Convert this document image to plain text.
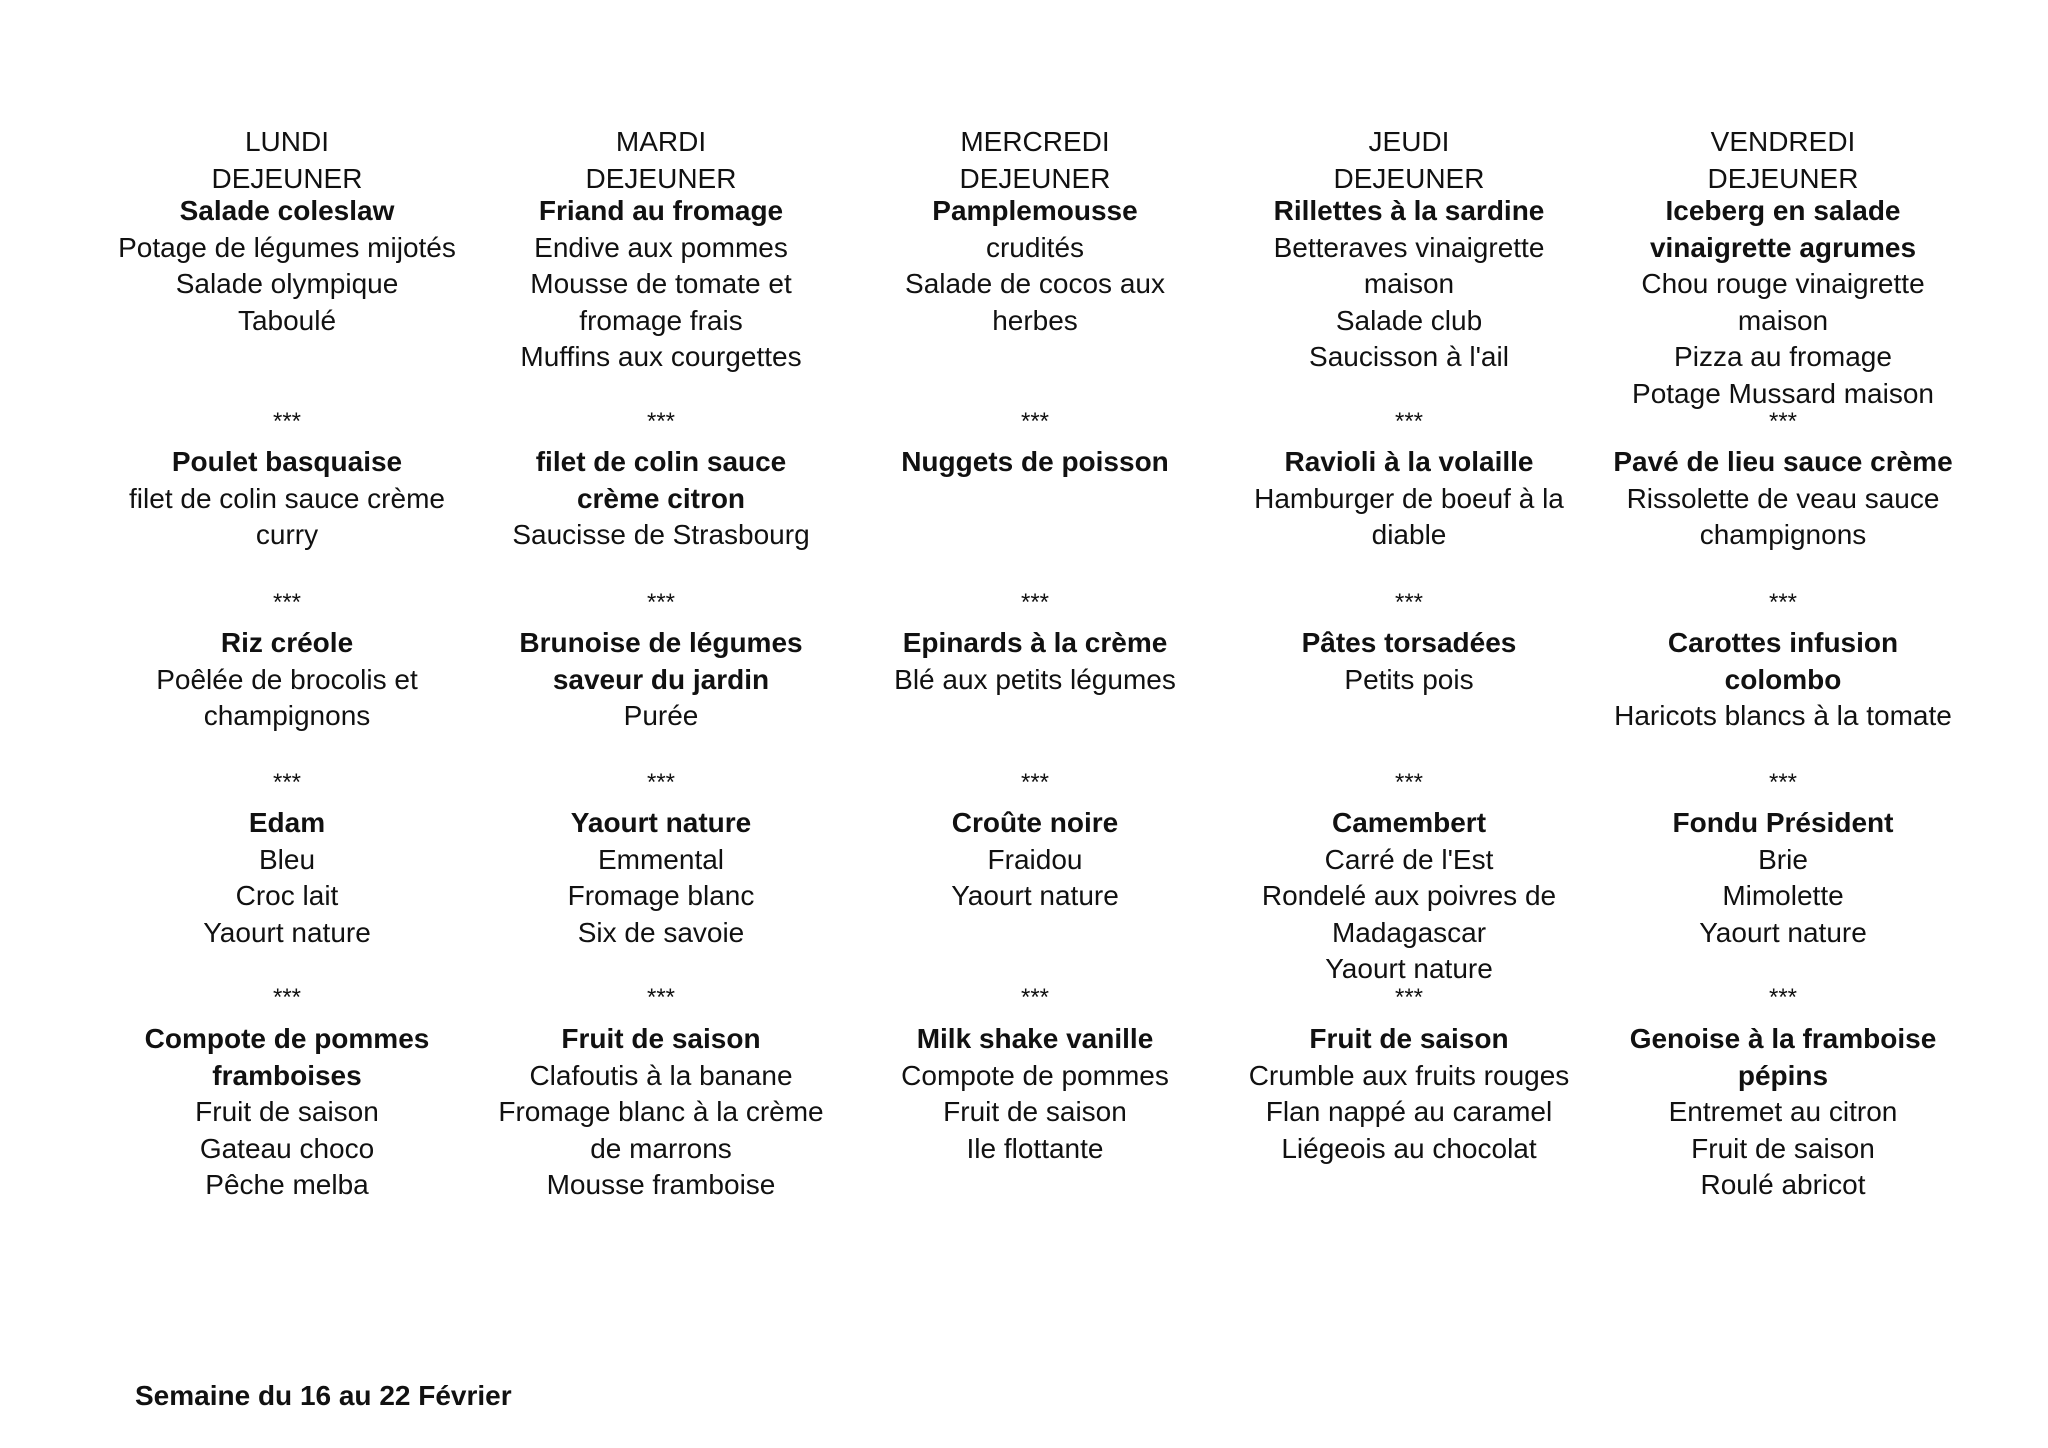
LUNDI
DEJEUNER
Salade coleslaw
Potage de légumes mijotés
Salade olympique
Taboulé
***
Poulet basquaise
filet de colin sauce crème
curry
***
Riz créole
Poêlée de brocolis et
champignons
***
Edam
Bleu
Croc lait
Yaourt nature
***
Compote de pommes
framboises
Fruit de saison
Gateau choco
Pêche melba
MARDI
DEJEUNER
Friand au fromage
Endive aux pommes
Mousse de tomate et
fromage frais
Muffins aux courgettes
***
filet de colin sauce
crème citron
Saucisse de Strasbourg
***
Brunoise de légumes
saveur du jardin
Purée
***
Yaourt nature
Emmental
Fromage blanc
Six de savoie
***
Fruit de saison
Clafoutis à la banane
Fromage blanc à la crème
de marrons
Mousse framboise
MERCREDI
DEJEUNER
Pamplemousse
crudités
Salade de cocos aux
herbes
***
Nuggets de poisson
***
Epinards à la crème
Blé aux petits légumes
***
Croûte noire
Fraidou
Yaourt nature
***
Milk shake vanille
Compote de pommes
Fruit de saison
Ile flottante
JEUDI
DEJEUNER
Rillettes à la sardine
Betteraves vinaigrette
maison
Salade club
Saucisson à l'ail
***
Ravioli à la volaille
Hamburger de boeuf à la
diable
***
Pâtes torsadées
Petits pois
***
Camembert
Carré de l'Est
Rondelé aux poivres de
Madagascar
Yaourt nature
***
Fruit de saison
Crumble aux fruits rouges
Flan nappé au caramel
Liégeois au chocolat
VENDREDI
DEJEUNER
Iceberg en salade
vinaigrette agrumes
Chou rouge vinaigrette
maison
Pizza au fromage
Potage Mussard maison
***
Pavé de lieu sauce crème
Rissolette de veau sauce
champignons
***
Carottes infusion
colombo
Haricots blancs à la tomate
***
Fondu Président
Brie
Mimolette
Yaourt nature
***
Genoise à la framboise
pépins
Entremet au citron
Fruit de saison
Roulé abricot
Semaine du 16 au 22 Février
